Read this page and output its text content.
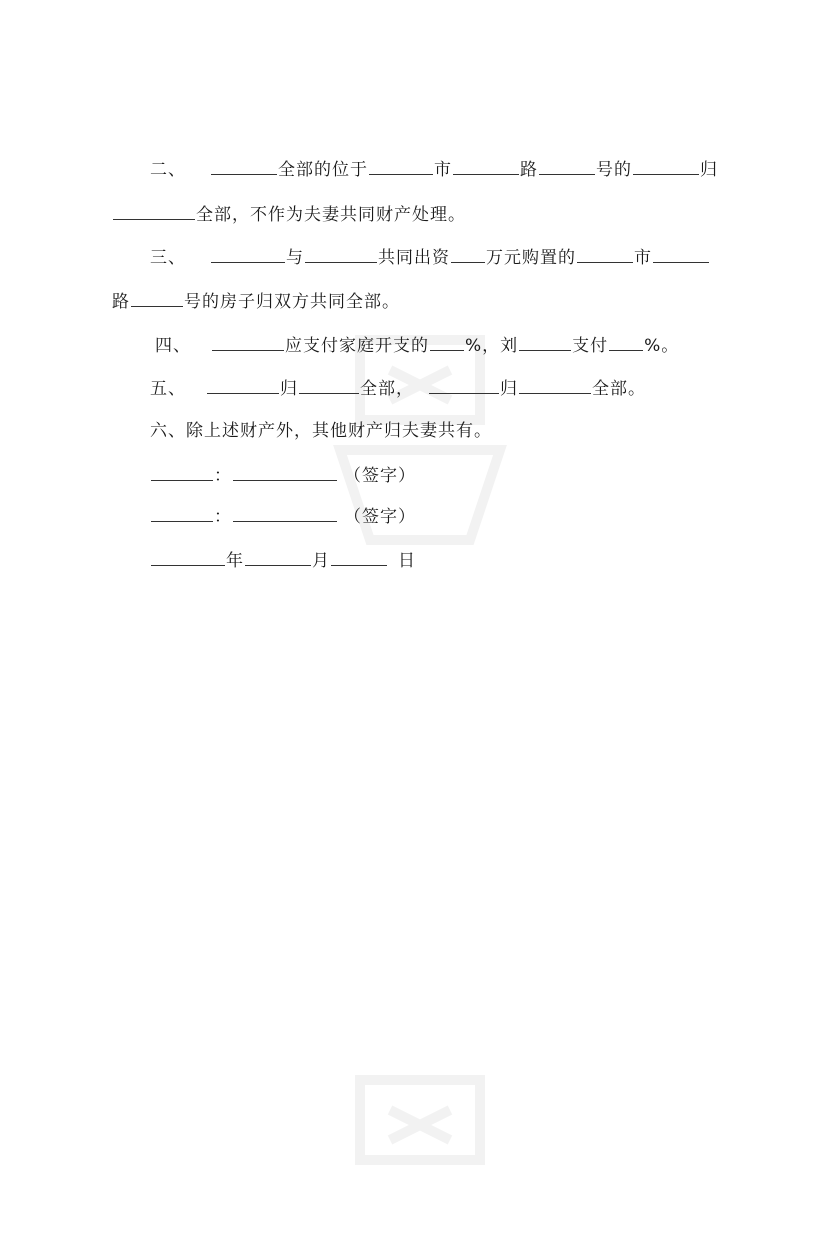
二、	全部的位于	市	路	号的	归
全部，不作为夫妻共同财产处理。
三、	与	共同出资 万元购置的	市
路	号的房子归双方共同全部。
四、	应支付家庭开支的 %，刘	支付 %。
五、	归	全部，	归	全部。
六、除上述财产外，其他财产归夫妻共有。
：	（签字）
：	（签字）
年	月	日
